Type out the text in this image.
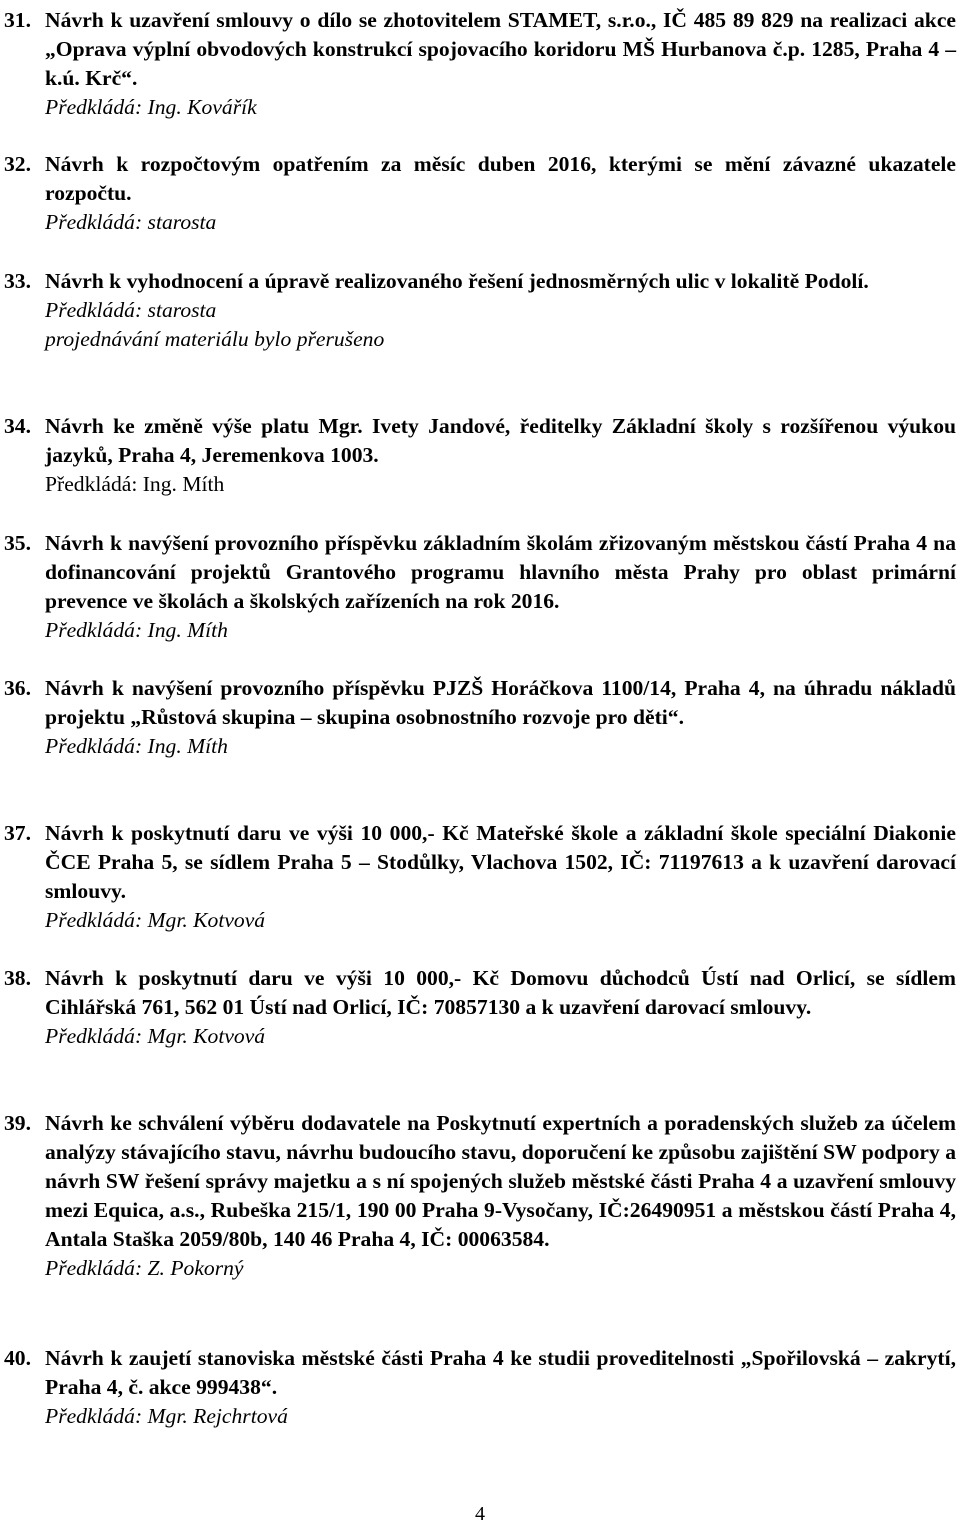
31. Návrh k uzavření smlouvy o dílo se zhotovitelem STAMET, s.r.o., IČ 485 89 829 na realizaci akce „Oprava výplní obvodových konstrukcí spojovacího koridoru MŠ Hurbanova č.p. 1285, Praha 4 – k.ú. Krč“.

Předkládá: Ing. Kovářík

32. Návrh k rozpočtovým opatřením za měsíc duben 2016, kterými se mění závazné ukazatele rozpočtu.

Předkládá: starosta

33. Návrh k vyhodnocení a úpravě realizovaného řešení jednosměrných ulic v lokalitě Podolí.

Předkládá: starosta

projednávání materiálu bylo přerušeno

34. Návrh ke změně výše platu Mgr. Ivety Jandové, ředitelky Základní školy s rozšířenou výukou jazyků, Praha 4, Jeremenkova 1003.

Předkládá: Ing. Míth

35. Návrh k navýšení provozního příspěvku základním školám zřizovaným městskou částí Praha 4 na dofinancování projektů Grantového programu hlavního města Prahy pro oblast primární prevence ve školách a školských zařízeních na rok 2016.

Předkládá: Ing. Míth

36. Návrh k navýšení provozního příspěvku PJZŠ Horáčkova 1100/14, Praha 4, na úhradu nákladů projektu „Růstová skupina – skupina osobnostního rozvoje pro děti“.

Předkládá: Ing. Míth

37. Návrh k poskytnutí daru ve výši 10 000,- Kč Mateřské škole a základní škole speciální Diakonie ČCE Praha 5, se sídlem Praha 5 – Stodůlky, Vlachova 1502, IČ: 71197613 a k uzavření darovací smlouvy.

Předkládá: Mgr. Kotvová

38. Návrh k poskytnutí daru ve výši 10 000,- Kč Domovu důchodců Ústí nad Orlicí, se sídlem Cihlářská 761, 562 01 Ústí nad Orlicí, IČ: 70857130 a k uzavření darovací smlouvy.

Předkládá: Mgr. Kotvová

39. Návrh ke schválení výběru dodavatele na Poskytnutí expertních a poradenských služeb za účelem analýzy stávajícího stavu, návrhu budoucího stavu, doporučení ke způsobu zajištění SW podpory a návrh SW řešení správy majetku a s ní spojených služeb městské části Praha 4 a uzavření smlouvy mezi Equica, a.s., Rubeška 215/1, 190 00 Praha 9-Vysočany, IČ:26490951 a městskou částí Praha 4, Antala Staška 2059/80b, 140 46 Praha 4, IČ: 00063584.

Předkládá: Z. Pokorný

40. Návrh k zaujetí stanoviska městské části Praha 4 ke studii proveditelnosti „Spořilovská – zakrytí, Praha 4, č. akce 999438“.

Předkládá: Mgr. Rejchrtová

4
